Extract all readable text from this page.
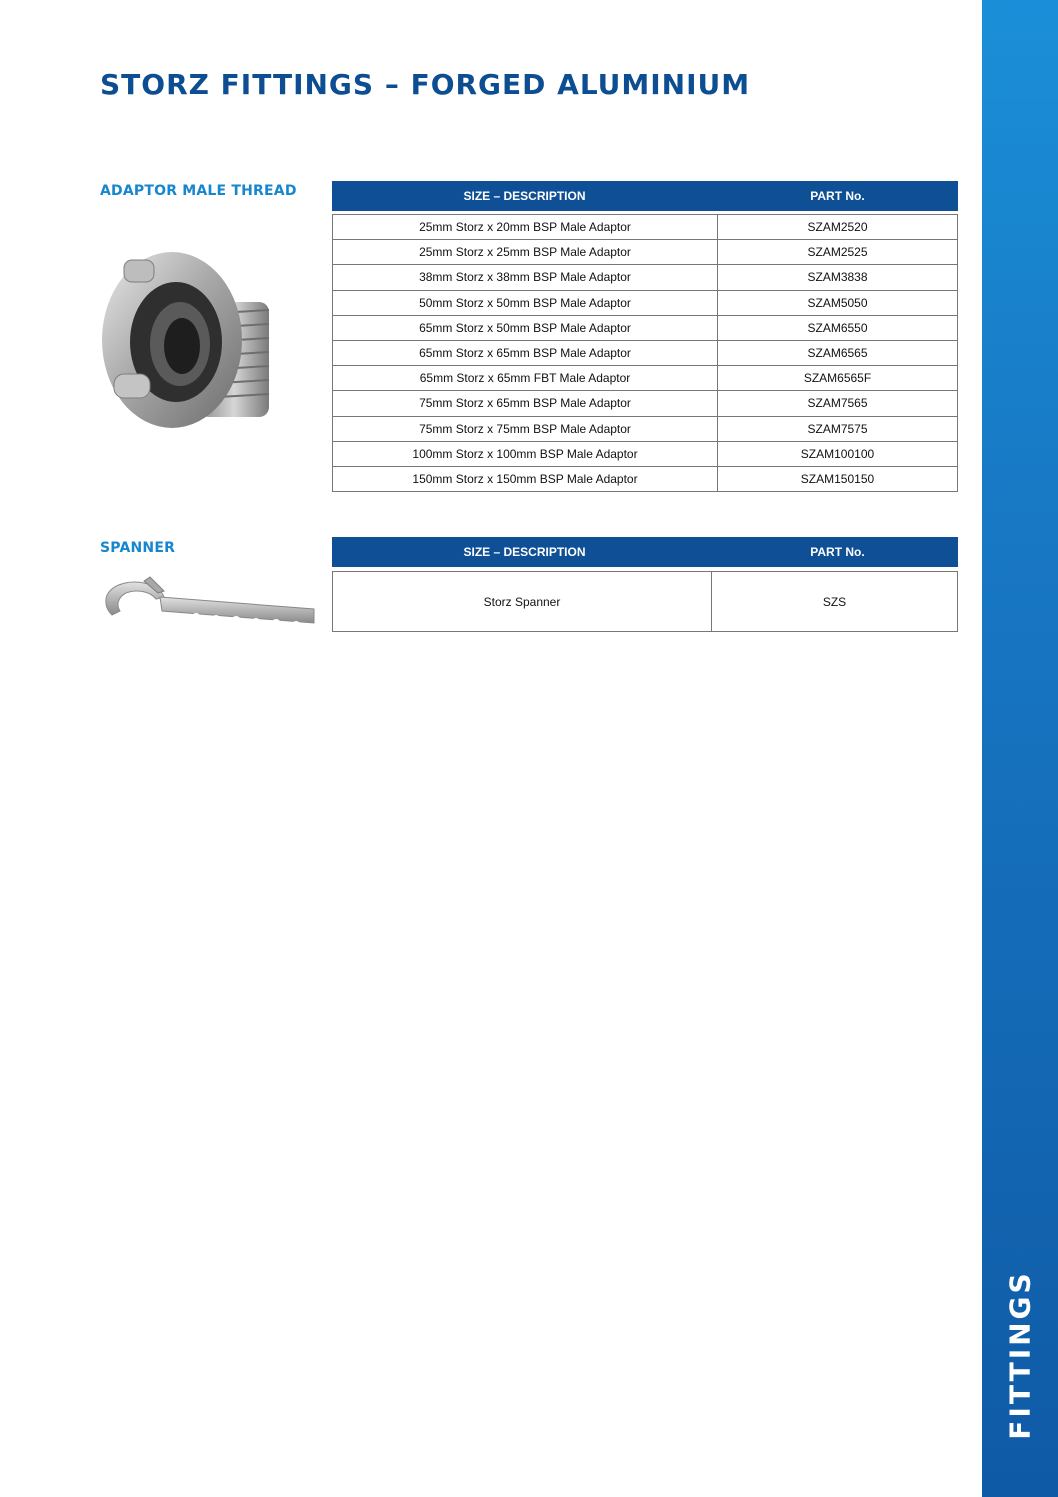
FITTINGS
STORZ FITTINGS – FORGED ALUMINIUM
ADAPTOR MALE THREAD	SIZE – DESCRIPTION	PART No.
25mm Storz x 20mm BSP Male Adaptor	SZAM2520
25mm Storz x 25mm BSP Male Adaptor	SZAM2525
38mm Storz x 38mm BSP Male Adaptor	SZAM3838
50mm Storz x 50mm BSP Male Adaptor	SZAM5050
65mm Storz x 50mm BSP Male Adaptor	SZAM6550
65mm Storz x 65mm BSP Male Adaptor	SZAM6565
65mm Storz x 65mm FBT Male Adaptor	SZAM6565F
75mm Storz x 65mm BSP Male Adaptor	SZAM7565
75mm Storz x 75mm BSP Male Adaptor	SZAM7575
100mm Storz x 100mm BSP Male Adaptor	SZAM100100
150mm Storz x 150mm BSP Male Adaptor	SZAM150150
SPANNER	SIZE – DESCRIPTION	PART No.
Storz Spanner	SZS
